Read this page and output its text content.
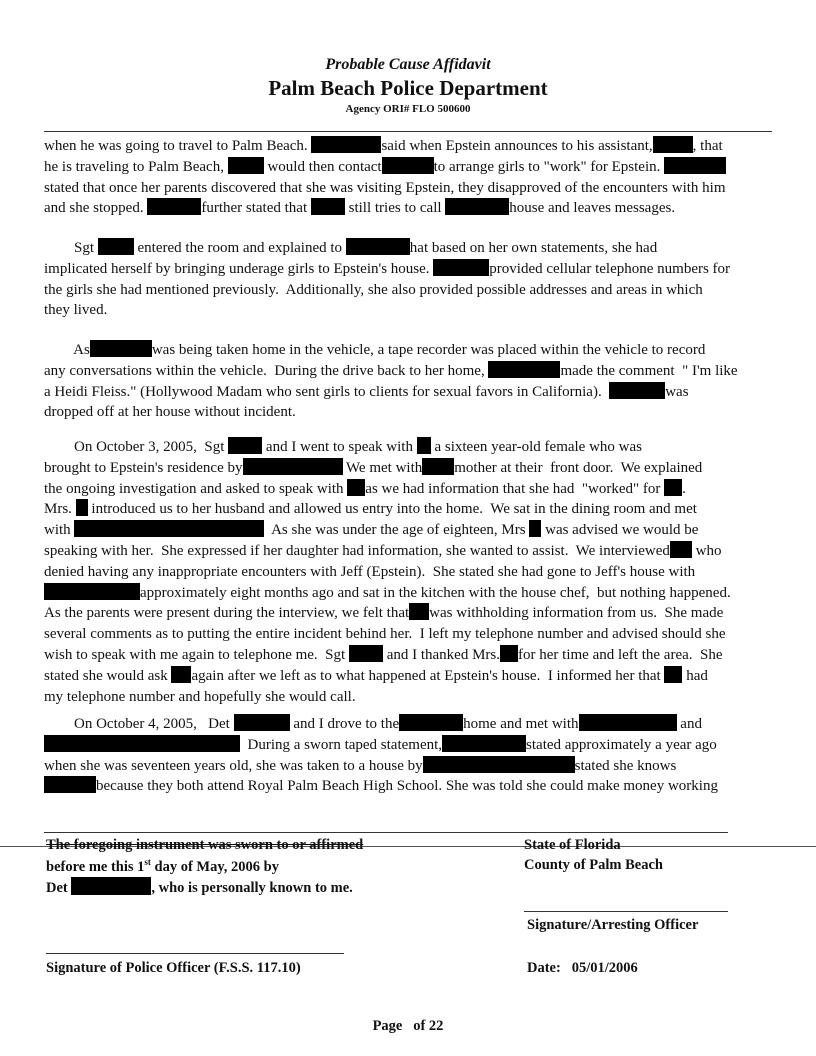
Probable Cause Affidavit
Palm Beach Police Department
Agency ORI# FLO 500600
when he was going to travel to Palm Beach.	said when Epstein announces to his assistant,	, that
he is traveling to Palm Beach,  would then contact	to arrange girls to "work" for Epstein.
stated that once her parents discovered that she was visiting Epstein, they disapproved of the encounters with him
and she stopped.	further stated that  still tries to call	house and leaves messages.
Sgt  entered the room and explained to	hat based on her own statements, she had
implicated herself by bringing underage girls to Epstein's house.	provided cellular telephone numbers for
the girls she had mentioned previously.  Additionally, she also provided possible addresses and areas in which
they lived.
As	was being taken home in the vehicle, a tape recorder was placed within the vehicle to record
any conversations within the vehicle.  During the drive back to her home,	made the comment  " I'm like
a Heidi Fleiss." (Hollywood Madam who sent girls to clients for sexual favors in California).	was
dropped off at her house without incident.
On October 3, 2005,  Sgt  and I went to speak with  a sixteen year-old female who was
brought to Epstein's residence by	We met with mother at their  front door.  We explained
the ongoing investigation and asked to speak with as we had information that she had  "worked" for .
Mrs.  introduced us to her husband and allowed us entry into the home.  We sat in the dining room and met
with	As she was under the age of eighteen, Mrs  was advised we would be
speaking with her.  She expressed if her daughter had information, she wanted to assist.  We interviewed who
denied having any inappropriate encounters with Jeff (Epstein).  She stated she had gone to Jeff's house with
approximately eight months ago and sat in the kitchen with the house chef,  but nothing happened.
As the parents were present during the interview, we felt that was withholding information from us.  She made
several comments as to putting the entire incident behind her.  I left my telephone number and advised should she
wish to speak with me again to telephone me.  Sgt  and I thanked Mrs. for her time and left the area.  She
stated she would ask again after we left as to what happened at Epstein's house.  I informed her that  had
my telephone number and hopefully she would call.
On October 4, 2005,   Det	and I drove to the	home and met with	and
During a sworn taped statement,	stated approximately a year ago
when she was seventeen years old, she was taken to a house by	stated she knows
because they both attend Royal Palm Beach High School. She was told she could make money working
The foregoing instrument was sworn to or affirmed
before me this 1st day of May, 2006 by
Det	, who is personally known to me.
State of Florida
County of Palm Beach
Signature/Arresting Officer
Signature of Police Officer (F.S.S. 117.10)	Date: 05/01/2006
Page   of 22
